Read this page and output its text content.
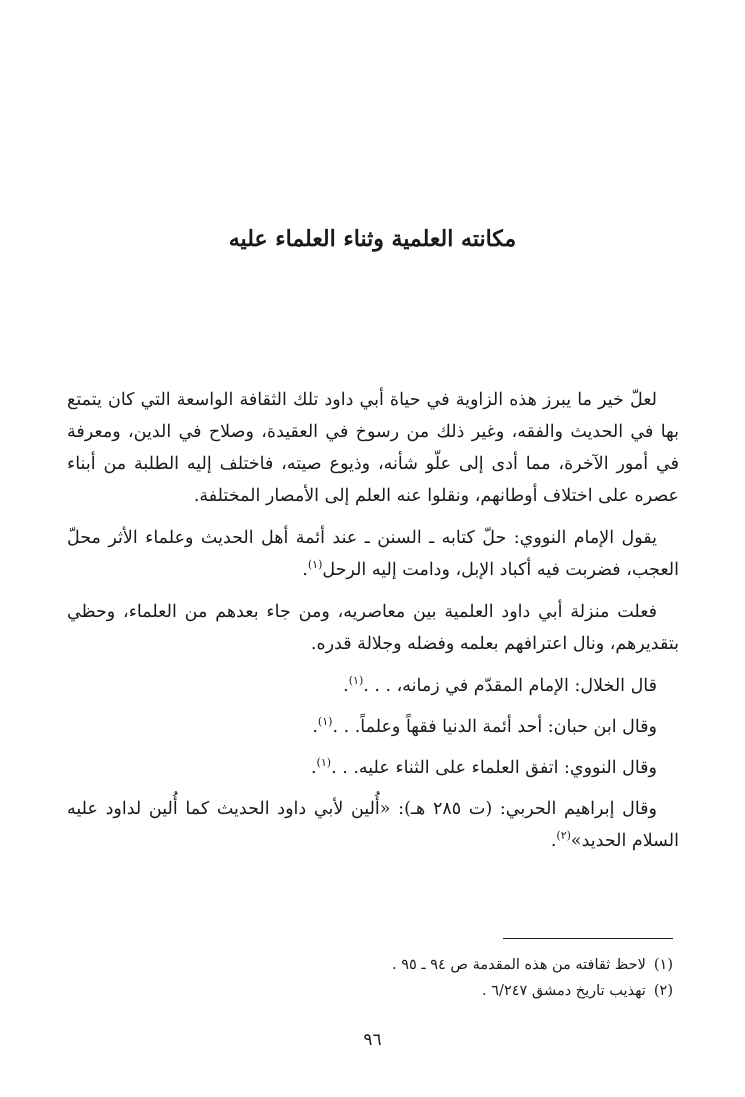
مكانته العلمية وثناء العلماء عليه

لعلّ خير ما يبرز هذه الزاوية في حياة أبي داود تلك الثقافة الواسعة التي كان يتمتع بها في الحديث والفقه، وغير ذلك من رسوخ في العقيدة، وصلاح في الدين، ومعرفة في أمور الآخرة، مما أدى إلى علّو شأنه، وذيوع صيته، فاختلف إليه الطلبة من أبناء عصره على اختلاف أوطانهم، ونقلوا عنه العلم إلى الأمصار المختلفة.

يقول الإمام النووي: حلّ كتابه ـ السنن ـ عند أئمة أهل الحديث وعلماء الأثر محلّ العجب، فضربت فيه أكباد الإبل، ودامت إليه الرحل$^{(١)}$.

فعلت منزلة أبي داود العلمية بين معاصريه، ومن جاء بعدهم من العلماء، وحظي بتقديرهم، ونال اعترافهم بعلمه وفضله وجلالة قدره.

قال الخلال: الإمام المقدّم في زمانه، . . .$^{(١)}$.

وقال ابن حبان: أحد أئمة الدنيا فقهاً وعلماً. . .$^{(١)}$.

وقال النووي: اتفق العلماء على الثناء عليه. . .$^{(١)}$.

وقال إبراهيم الحربي: (ت ٢٨٥ هـ): «أُلين لأبي داود الحديث كما أُلين لداود عليه السلام الحديد»$^{(٢)}$.

(١)لاحظ ثقافته من هذه المقدمة ص ٩٤ ـ ٩٥ .
(٢)تهذيب تاريخ دمشق ٦/٢٤٧ .
٩٦
